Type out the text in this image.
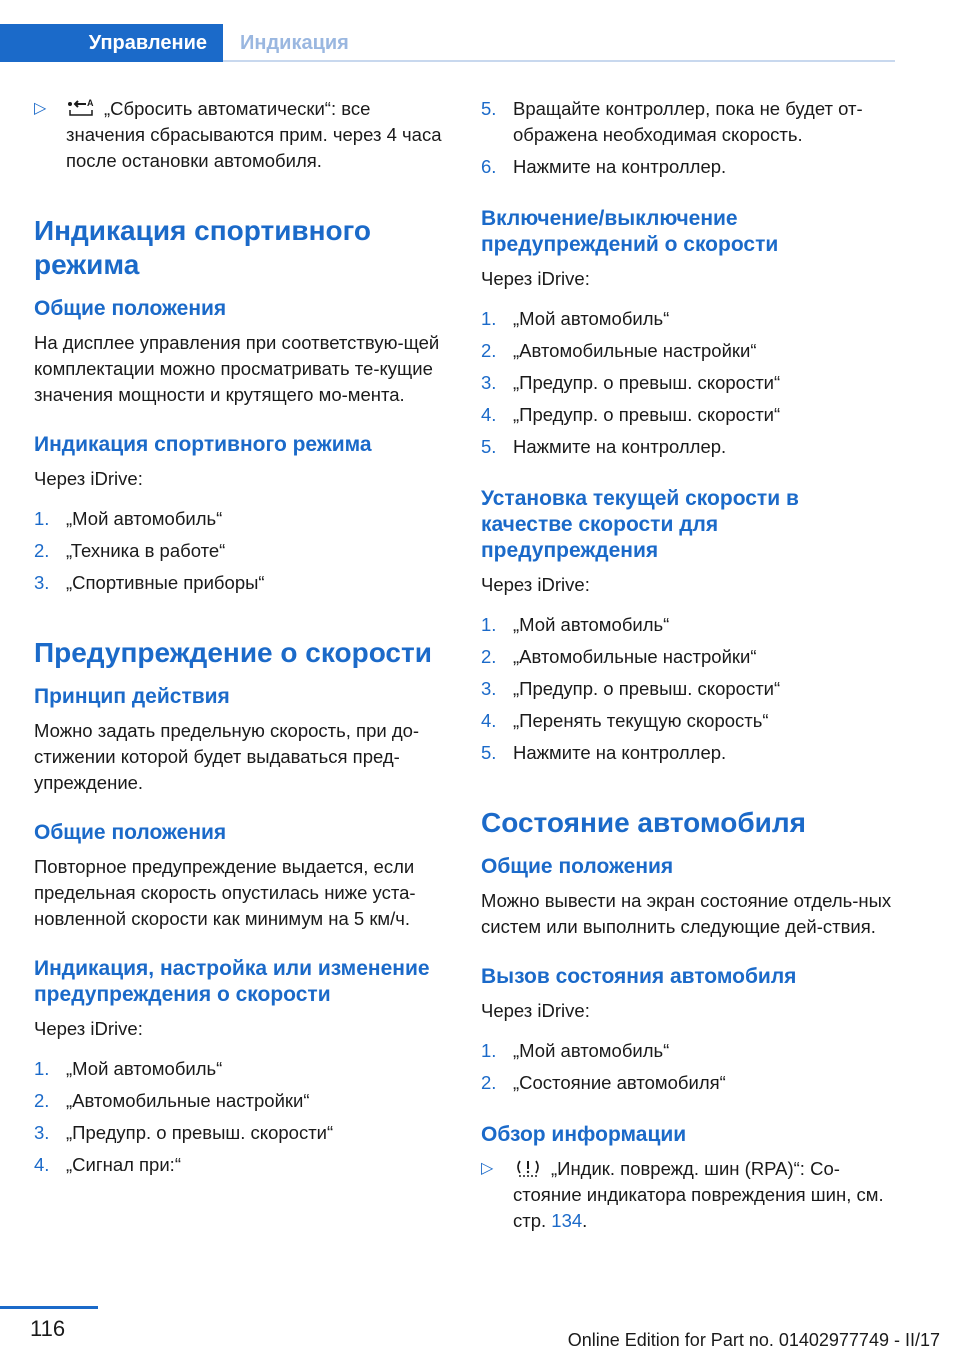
Управление	Индикация
▷	A „Сбросить автоматически“: все значения сбрасываются прим. через 4 часа после остановки автомобиля.
Индикация спортивного режима
Общие положения
На дисплее управления при соответствую-щей комплектации можно просматривать те-кущие значения мощности и крутящего мо-мента.
Индикация спортивного режима
Через iDrive:
1. „Мой автомобиль“
2. „Техника в работе“
3. „Спортивные приборы“
Предупреждение о скорости
Принцип действия
Можно задать предельную скорость, при до-стижении которой будет выдаваться пред-упреждение.
Общие положения
Повторное предупреждение выдается, если предельная скорость опустилась ниже уста-новленной скорости как минимум на 5 км/ч.
Индикация, настройка или изменение предупреждения о скорости
Через iDrive:
1. „Мой автомобиль“
2. „Автомобильные настройки“
3. „Предупр. о превыш. скорости“
4. „Сигнал при:“
5. Вращайте контроллер, пока не будет от-ображена необходимая скорость.
6. Нажмите на контроллер.
Включение/выключение предупреждений о скорости
Через iDrive:
1. „Мой автомобиль“
2. „Автомобильные настройки“
3. „Предупр. о превыш. скорости“
4. „Предупр. о превыш. скорости“
5. Нажмите на контроллер.
Установка текущей скорости в качестве скорости для предупреждения
Через iDrive:
1. „Мой автомобиль“
2. „Автомобильные настройки“
3. „Предупр. о превыш. скорости“
4. „Перенять текущую скорость“
5. Нажмите на контроллер.
Состояние автомобиля
Общие положения
Можно вывести на экран состояние отдель-ных систем или выполнить следующие дей-ствия.
Вызов состояния автомобиля
Через iDrive:
1. „Мой автомобиль“
2. „Состояние автомобиля“
Обзор информации
▷	„Индик. поврежд. шин (RPA)“: Со-стояние индикатора повреждения шин, см. стр. 134.
116	Online Edition for Part no. 01402977749 - II/17
